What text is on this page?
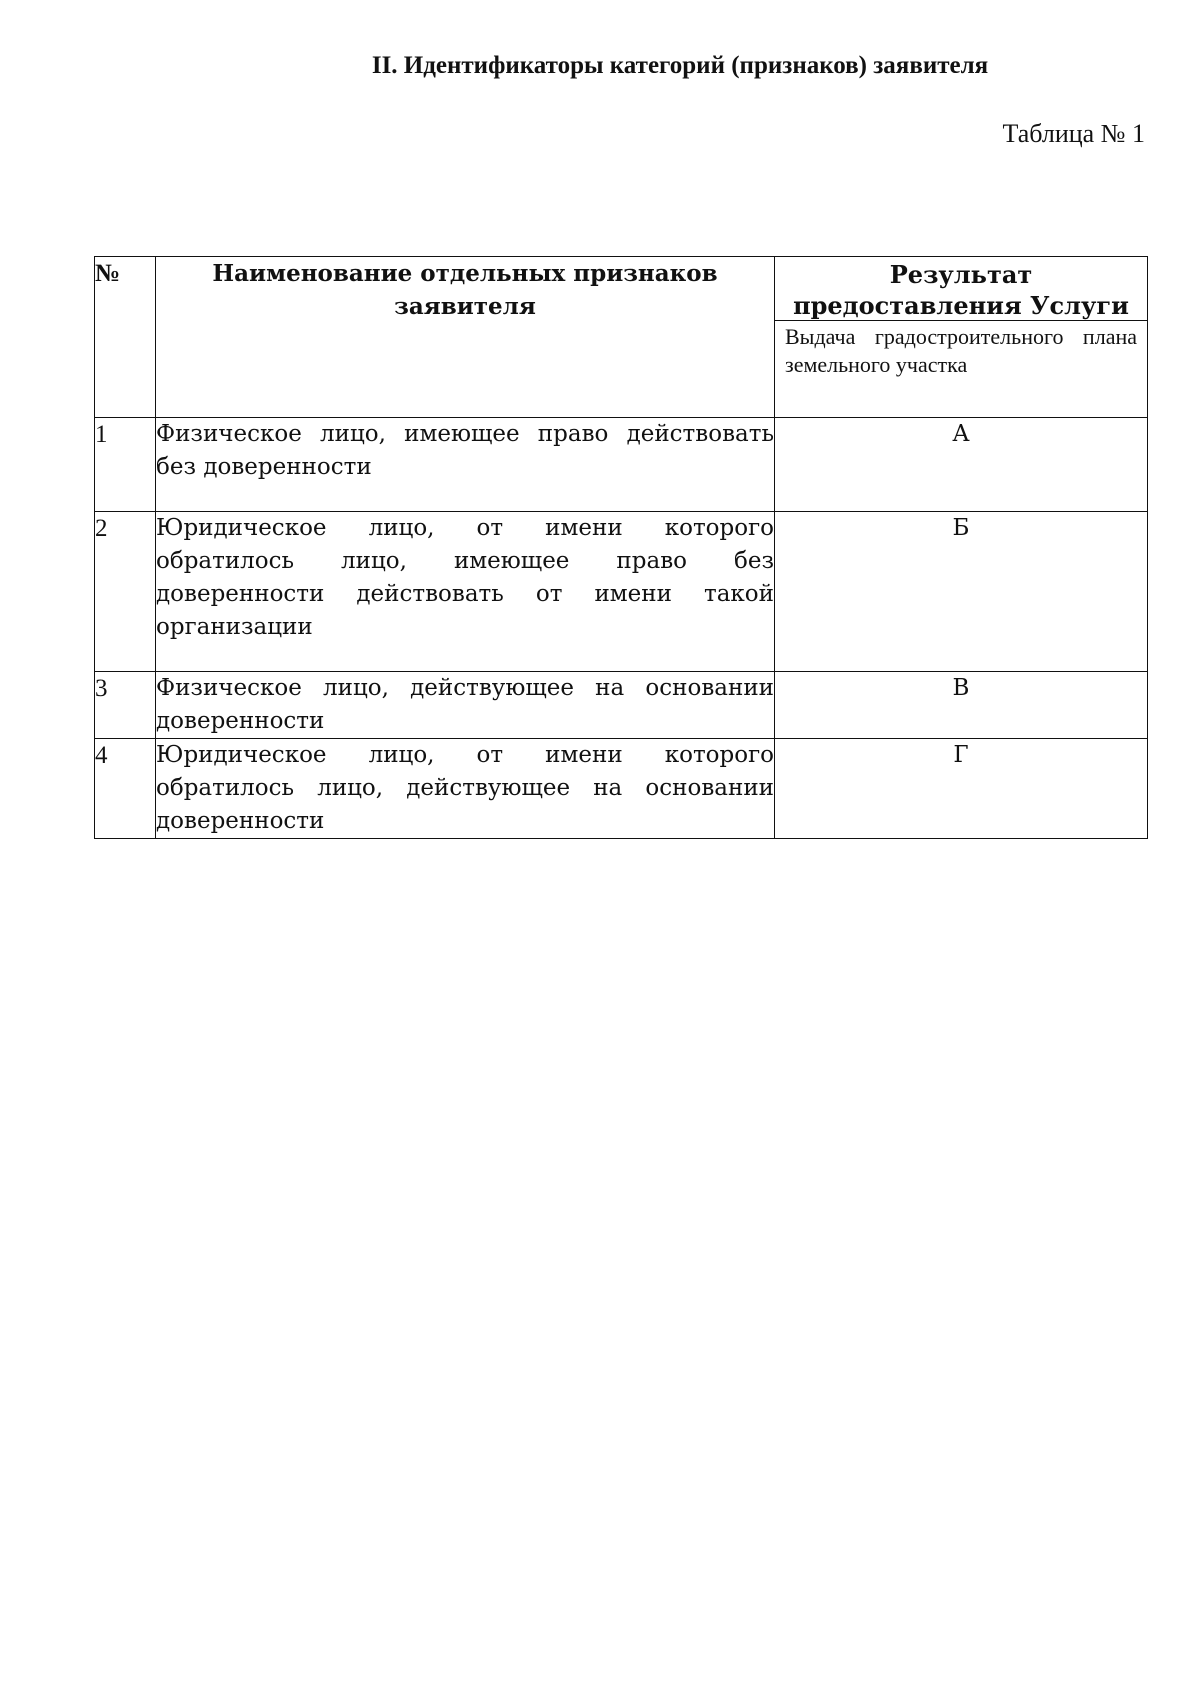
II. Идентификаторы категорий (признаков) заявителя

Таблица № 1

№	Наименование отдельных признаков заявителя	Результат предоставления Услуги
Выдача градостроительного плана земельного участка

1	Физическое лицо, имеющее право действовать без доверенности	А
2	Юридическое лицо, от имени которого обратилось лицо, имеющее право без доверенности действовать от имени такой организации	Б
3	Физическое лицо, действующее на основании доверенности	В
4	Юридическое лицо, от имени которого обратилось лицо, действующее на основании доверенности	Г
